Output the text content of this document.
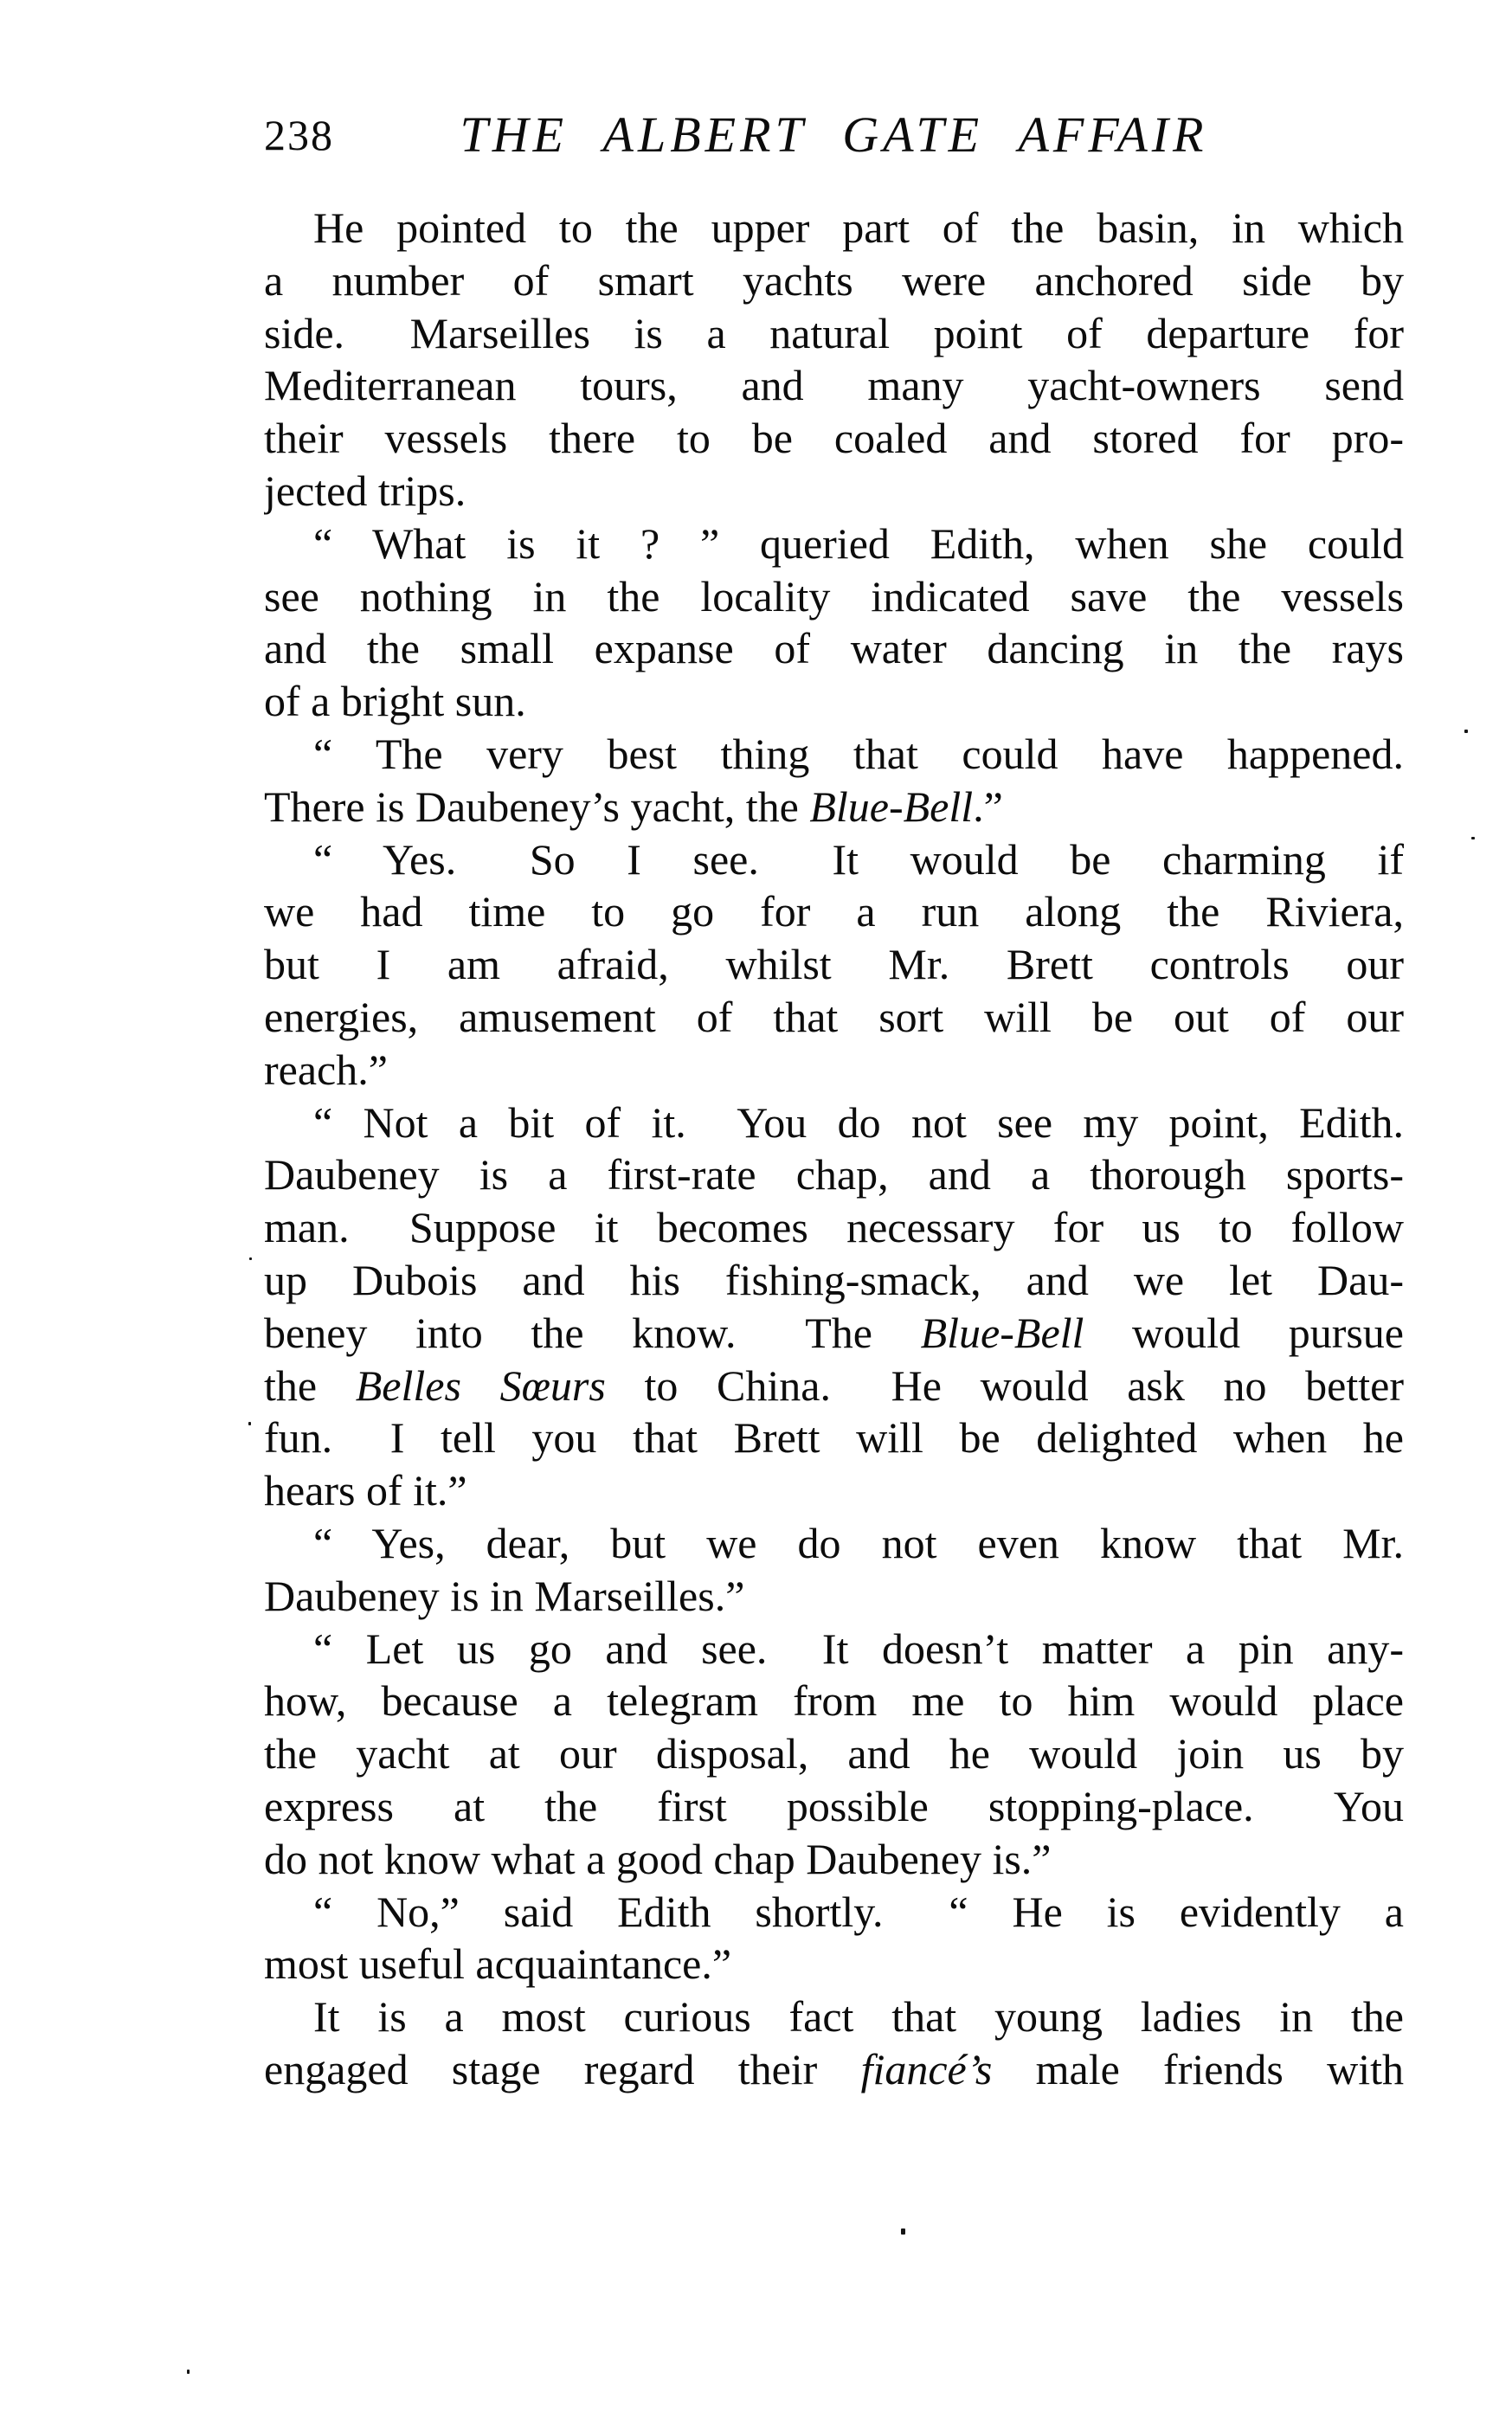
238	THE ALBERT GATE AFFAIR
He pointed to the upper part of the basin, in which
a number of smart yachts were anchored side by
side.  Marseilles is a natural point of departure for
Mediterranean tours, and many yacht-owners send
their vessels there to be coaled and stored for pro-
jected trips.
“ What is it ? ” queried Edith, when she could
see nothing in the locality indicated save the vessels
and the small expanse of water dancing in the rays
of a bright sun.
“ The very best thing that could have happened.
There is Daubeney’s yacht, the Blue-Bell.”
“ Yes.  So I see.  It would be charming if
we had time to go for a run along the Riviera,
but I am afraid, whilst Mr. Brett controls our
energies, amusement of that sort will be out of our
reach.”
“ Not a bit of it.  You do not see my point, Edith.
Daubeney is a first-rate chap, and a thorough sports-
man.  Suppose it becomes necessary for us to follow
up Dubois and his fishing-smack, and we let Dau-
beney into the know.  The Blue-Bell would pursue
the Belles Sœurs to China.  He would ask no better
fun.  I tell you that Brett will be delighted when he
hears of it.”
“ Yes, dear, but we do not even know that Mr.
Daubeney is in Marseilles.”
“ Let us go and see.  It doesn’t matter a pin any-
how, because a telegram from me to him would place
the yacht at our disposal, and he would join us by
express at the first possible stopping-place.  You
do not know what a good chap Daubeney is.”
“ No,” said Edith shortly.  “ He is evidently a
most useful acquaintance.”
It is a most curious fact that young ladies in the
engaged stage regard their fiancé’s male friends with
